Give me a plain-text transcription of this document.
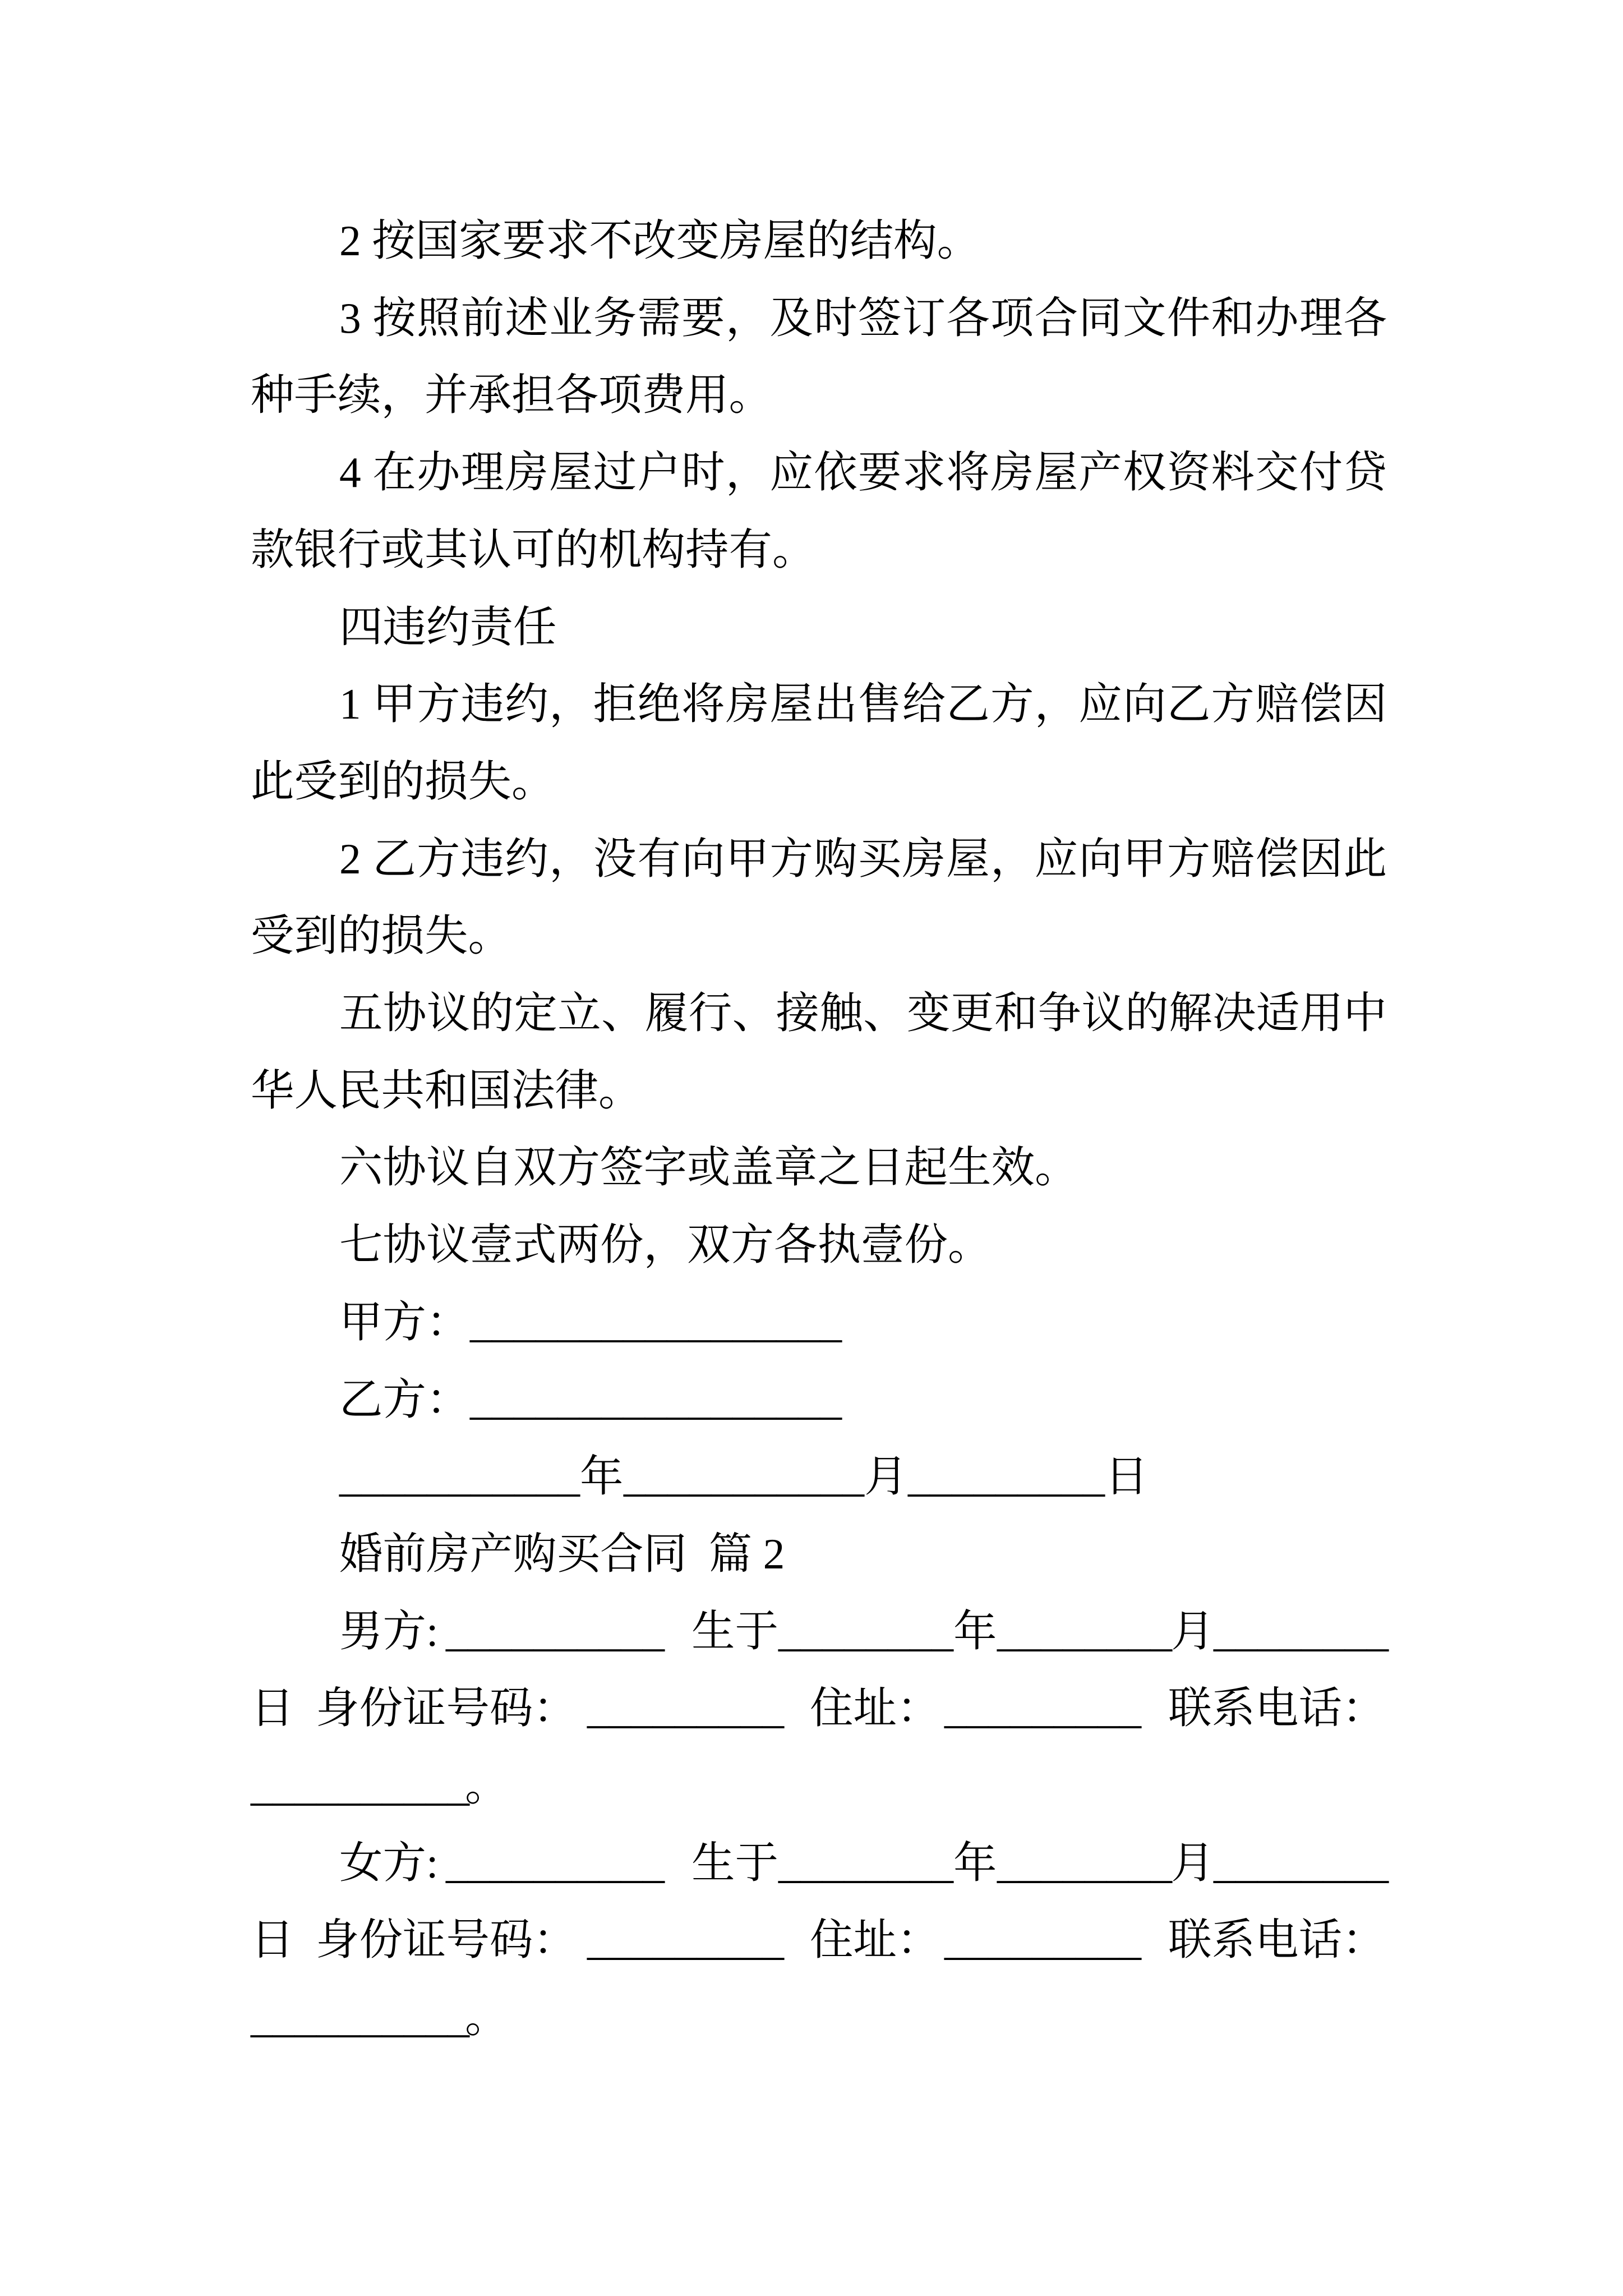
2 按国家要求不改变房屋的结构。
3 按照前述业务需要，及时签订各项合同文件和办理各
种手续，并承担各项费用。
4 在办理房屋过户时，应依要求将房屋产权资料交付贷
款银行或其认可的机构持有。
四违约责任
1 甲方违约，拒绝将房屋出售给乙方，应向乙方赔偿因
此受到的损失。
2 乙方违约，没有向甲方购买房屋，应向甲方赔偿因此
受到的损失。
五协议的定立、履行、接触、变更和争议的解决适用中
华人民共和国法律。
六协议自双方签字或盖章之日起生效。
七协议壹式两份，双方各执壹份。
甲方： _________________
乙方： _________________
___________ 年 ___________ 月 _________ 日
婚前房产购买合同  篇 2
男方: __________ 生于 ________ 年 ________
月
________
日 身份证号码： _________ 住址： _________ 联系电话：
__________
。
女方: __________ 生于 ________ 年 ________
月
________
日 身份证号码： _________ 住址： _________ 联系电话：
__________
。
